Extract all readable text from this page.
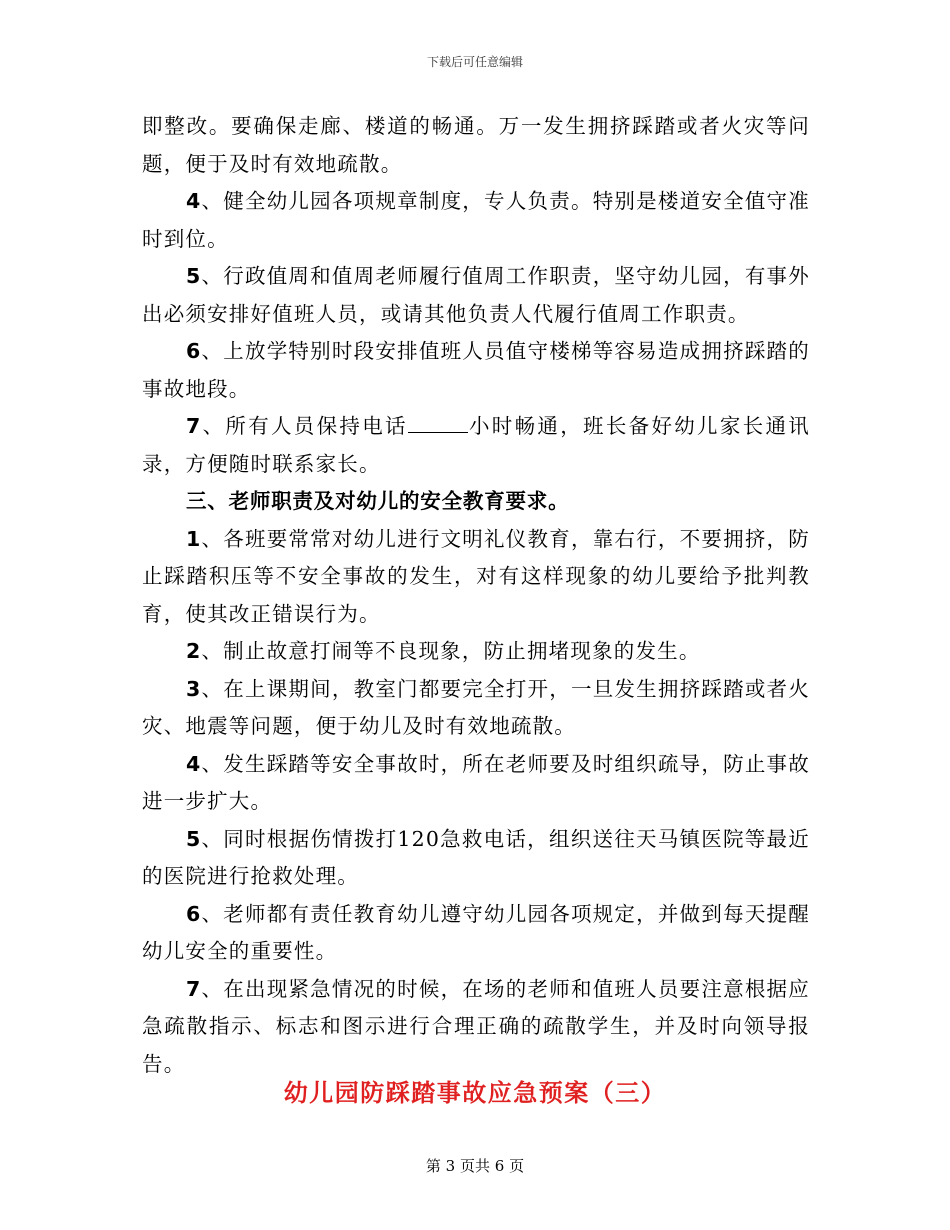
下载后可任意编辑

即整改。要确保走廊、楼道的畅通。万一发生拥挤踩踏或者火灾等问题，便于及时有效地疏散。

4、健全幼儿园各项规章制度，专人负责。特别是楼道安全值守准时到位。

5、行政值周和值周老师履行值周工作职责，坚守幼儿园，有事外出必须安排好值班人员，或请其他负责人代履行值周工作职责。

6、上放学特别时段安排值班人员值守楼梯等容易造成拥挤踩踏的事故地段。

7、所有人员保持电话	小时畅通，班长备好幼儿家长通讯录，方便随时联系家长。

三、老师职责及对幼儿的安全教育要求。

1、各班要常常对幼儿进行文明礼仪教育，靠右行，不要拥挤，防止踩踏积压等不安全事故的发生，对有这样现象的幼儿要给予批判教育，使其改正错误行为。

2、制止故意打闹等不良现象，防止拥堵现象的发生。

3、在上课期间，教室门都要完全打开，一旦发生拥挤踩踏或者火灾、地震等问题，便于幼儿及时有效地疏散。

4、发生踩踏等安全事故时，所在老师要及时组织疏导，防止事故进一步扩大。

5、同时根据伤情拨打120急救电话，组织送往天马镇医院等最近的医院进行抢救处理。

6、老师都有责任教育幼儿遵守幼儿园各项规定，并做到每天提醒幼儿安全的重要性。

7、在出现紧急情况的时候，在场的老师和值班人员要注意根据应急疏散指示、标志和图示进行合理正确的疏散学生，并及时向领导报告。

幼儿园防踩踏事故应急预案（三）
第 3 页共 6 页
